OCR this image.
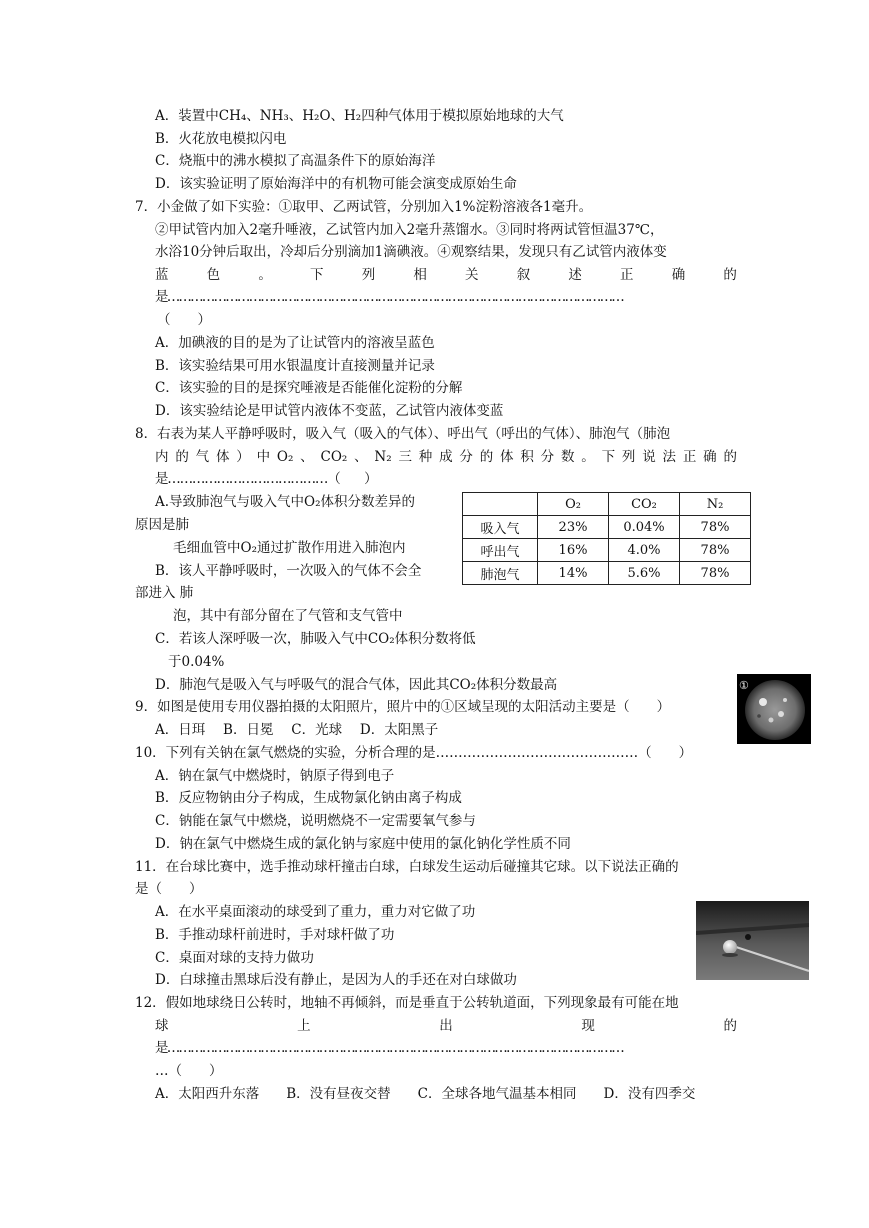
A．装置中CH₄、NH₃、H₂O、H₂四种气体用于模拟原始地球的大气
B．火花放电模拟闪电
C．烧瓶中的沸水模拟了高温条件下的原始海洋
D．该实验证明了原始海洋中的有机物可能会演变成原始生命
7．小金做了如下实验：①取甲、乙两试管，分别加入1%淀粉溶液各1毫升。
②甲试管内加入2毫升唾液，乙试管内加入2毫升蒸馏水。③同时将两试管恒温37℃，
水浴10分钟后取出，冷却后分别滴加1滴碘液。④观察结果，发现只有乙试管内液体变
蓝	色	。	下	列	相	关	叙	述	正	确	的
是………………………………………………………………………………………………………
（　　）
A．加碘液的目的是为了让试管内的溶液呈蓝色
B．该实验结果可用水银温度计直接测量并记录
C．该实验的目的是探究唾液是否能催化淀粉的分解
D．该实验结论是甲试管内液体不变蓝，乙试管内液体变蓝
8．右表为某人平静呼吸时，吸入气（吸入的气体）、呼出气（呼出的气体）、肺泡气（肺泡
内 的 气 体 ） 中 O₂ 、 CO₂ 、 N₂ 三 种 成 分 的 体 积 分 数 。 下 列 说 法 正 确 的
是…………………………………（　　）
A.导致肺泡气与吸入气中O₂体积分数差异的
原因是肺
毛细血管中O₂通过扩散作用进入肺泡内
B．该人平静呼吸时，一次吸入的气体不会全
部进入 肺
泡，其中有部分留在了气管和支气管中
C．若该人深呼吸一次，肺吸入气中CO₂体积分数将低
于0.04%
D．肺泡气是吸入气与呼吸气的混合气体，因此其CO₂体积分数最高
	O₂	CO₂	N₂
吸入气	23%	0.04%	78%
呼出气	16%	4.0%	78%
肺泡气	14%	5.6%	78%
9．如图是使用专用仪器拍摄的太阳照片，照片中的①区域呈现的太阳活动主要是（　　）
A．日珥　 B．日冕　 C．光球　 D．太阳黑子
①
10．下列有关钠在氯气燃烧的实验，分析合理的是………………………………………（　　）
A．钠在氯气中燃烧时，钠原子得到电子
B．反应物钠由分子构成，生成物氯化钠由离子构成
C．钠能在氯气中燃烧，说明燃烧不一定需要氧气参与
D．钠在氯气中燃烧生成的氯化钠与家庭中使用的氯化钠化学性质不同
11．在台球比赛中，选手推动球杆撞击白球，白球发生运动后碰撞其它球。以下说法正确的
是（　　）
A．在水平桌面滚动的球受到了重力，重力对它做了功
B．手推动球杆前进时，手对球杆做了功
C．桌面对球的支持力做功
D．白球撞击黑球后没有静止，是因为人的手还在对白球做功
12．假如地球绕日公转时，地轴不再倾斜，而是垂直于公转轨道面，下列现象最有可能在地
球	上	出	现	的
是………………………………………………………………………………………………………
…（　　）
A．太阳西升东落　　B．没有昼夜交替　　C．全球各地气温基本相同　　D．没有四季交
